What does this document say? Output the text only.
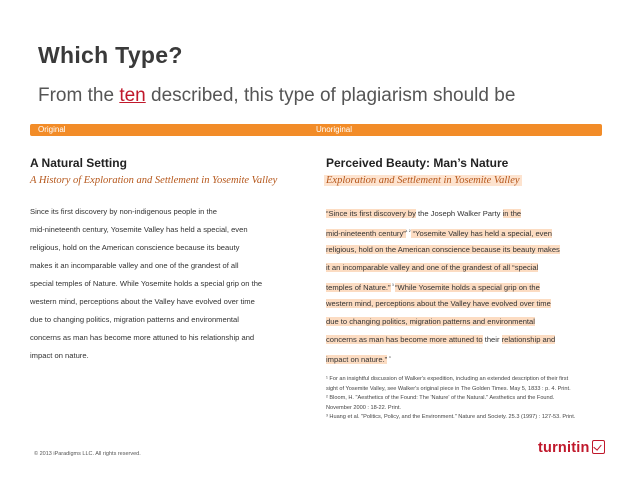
Which Type?
From the ten described, this type of plagiarism should be
Original	Unoriginal
A Natural Setting
A History of Exploration and Settlement in Yosemite Valley
Since its first discovery by non-indigenous people in the
mid-nineteenth century, Yosemite Valley has held a special, even
religious, hold on the American conscience because its beauty
makes it an incomparable valley and one of the grandest of all
special temples of Nature. While Yosemite holds a special grip on the
western mind, perceptions about the Valley have evolved over time
due to changing politics, migration patterns and environmental
concerns as man has become more attuned to his relationship and
impact on nature.
Perceived Beauty: Man’s Nature
Exploration and Settlement in Yosemite Valley
“Since its first discovery by the Joseph Walker Party in the
mid-nineteenth century”$^{^1 ^2}$ “Yosemite Valley has held a special, even
religious, hold on the American conscience because its beauty makes
it an incomparable valley and one of the grandest of all “special
temples of Nature.” $^{^3}$ “While Yosemite holds a special grip on the
western mind, perceptions about the Valley have evolved over time
due to changing politics, migration patterns and environmental
concerns as man has become more attuned to their relationship and
impact on nature.” $^{^4}$
¹ For an insightful discussion of Walker's expedition, including an extended description of their first
sight of Yosemite Valley, see Walker's original piece in The Golden Times. May 5, 1833 : p. 4. Print.
² Bloom, H. "Aesthetics of the Found: The 'Nature' of the Natural." Aesthetics and the Found.
November 2000 : 18-22. Print.
³ Huang et al. "Politics, Policy, and the Environment." Nature and Society. 25.3 (1997) : 127-53. Print.
© 2013 iParadigms LLC. All rights reserved.	turnitin
